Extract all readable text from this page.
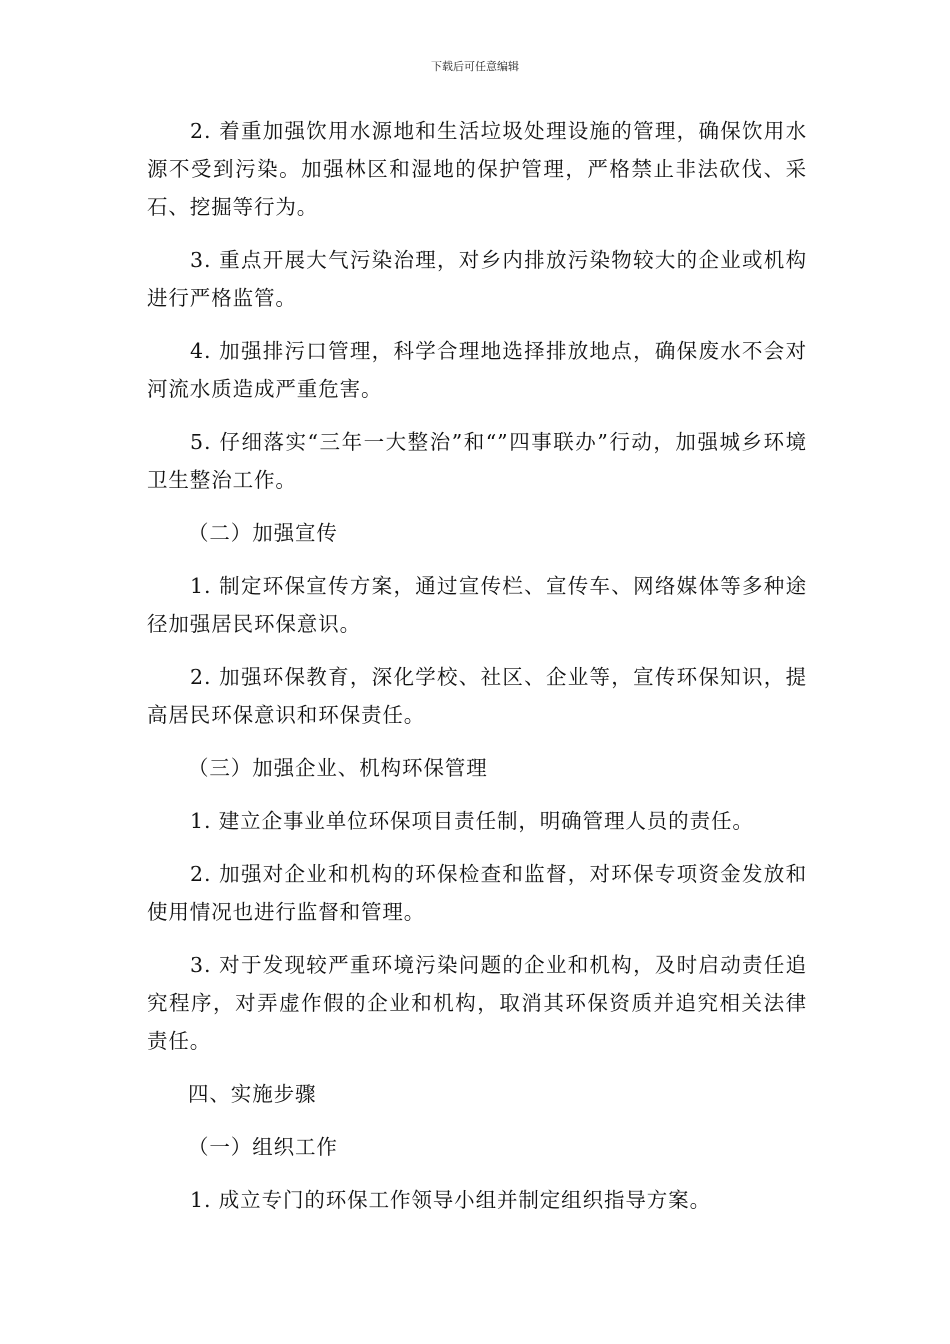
下载后可任意编辑

2. 着重加强饮用水源地和生活垃圾处理设施的管理，确保饮用水源不受到污染。加强林区和湿地的保护管理，严格禁止非法砍伐、采石、挖掘等行为。

3. 重点开展大气污染治理，对乡内排放污染物较大的企业或机构进行严格监管。

4. 加强排污口管理，科学合理地选择排放地点，确保废水不会对河流水质造成严重危害。

5. 仔细落实“三年一大整治”和“”四事联办”行动，加强城乡环境卫生整治工作。

（二）加强宣传

1. 制定环保宣传方案，通过宣传栏、宣传车、网络媒体等多种途径加强居民环保意识。

2. 加强环保教育，深化学校、社区、企业等，宣传环保知识，提高居民环保意识和环保责任。

（三）加强企业、机构环保管理

1. 建立企事业单位环保项目责任制，明确管理人员的责任。

2. 加强对企业和机构的环保检查和监督，对环保专项资金发放和使用情况也进行监督和管理。

3. 对于发现较严重环境污染问题的企业和机构，及时启动责任追究程序，对弄虚作假的企业和机构，取消其环保资质并追究相关法律责任。

四、实施步骤

（一）组织工作

1. 成立专门的环保工作领导小组并制定组织指导方案。
